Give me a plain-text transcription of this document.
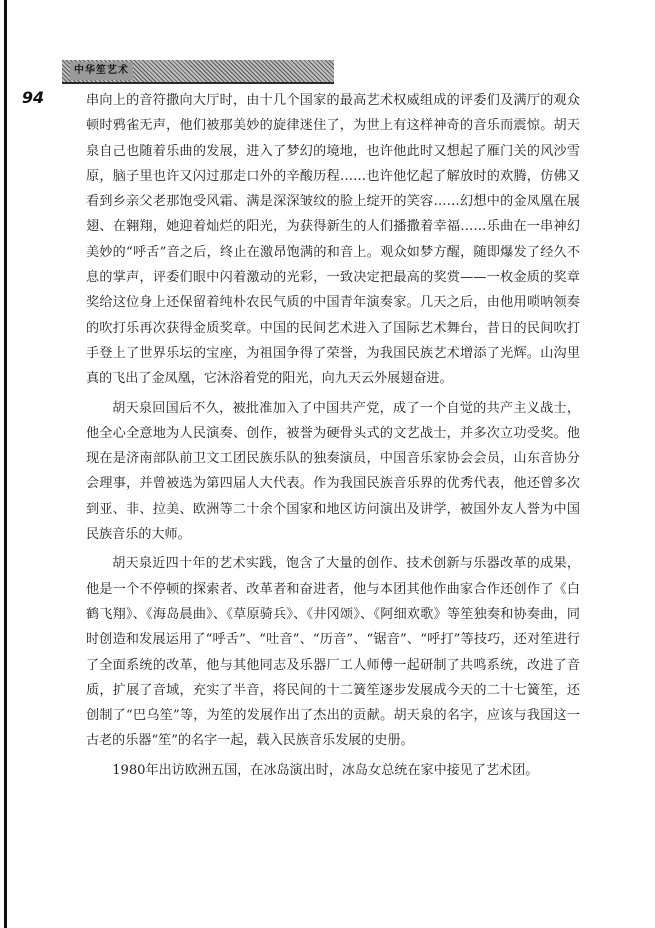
中华笙艺术
94	串向上的音符撒向大厅时，由十几个国家的最高艺术权威组成的评委们及满厅的观众顿时鸦雀无声，他们被那美妙的旋律迷住了，为世上有这样神奇的音乐而震惊。胡天泉自己也随着乐曲的发展，进入了梦幻的境地，也许他此时又想起了雁门关的风沙雪原，脑子里也许又闪过那走口外的辛酸历程……也许他忆起了解放时的欢腾，仿佛又看到乡亲父老那饱受风霜、满是深深皱纹的脸上绽开的笑容……幻想中的金凤凰在展翅、在翱翔，她迎着灿烂的阳光，为获得新生的人们播撒着幸福……乐曲在一串神幻美妙的“呼舌”音之后，终止在激昂饱满的和音上。观众如梦方醒，随即爆发了经久不息的掌声，评委们眼中闪着激动的光彩，一致决定把最高的奖赏——一枚金质的奖章奖给这位身上还保留着纯朴农民气质的中国青年演奏家。几天之后，由他用唢呐领奏的吹打乐再次获得金质奖章。中国的民间艺术进入了国际艺术舞台，昔日的民间吹打手登上了世界乐坛的宝座，为祖国争得了荣誉，为我国民族艺术增添了光辉。山沟里真的飞出了金凤凰，它沐浴着党的阳光，向九天云外展翅奋进。

胡天泉回国后不久，被批准加入了中国共产党，成了一个自觉的共产主义战士，他全心全意地为人民演奏、创作，被誉为硬骨头式的文艺战士，并多次立功受奖。他现在是济南部队前卫文工团民族乐队的独奏演员，中国音乐家协会会员，山东音协分会理事，并曾被选为第四届人大代表。作为我国民族音乐界的优秀代表，他还曾多次到亚、非、拉美、欧洲等二十余个国家和地区访问演出及讲学，被国外友人誉为中国民族音乐的大师。

胡天泉近四十年的艺术实践，饱含了大量的创作、技术创新与乐器改革的成果，他是一个不停顿的探索者、改革者和奋进者，他与本团其他作曲家合作还创作了《白鹤飞翔》、《海岛晨曲》、《草原骑兵》、《井冈颂》、《阿细欢歌》等笙独奏和协奏曲，同时创造和发展运用了“呼舌”、“吐音”、“历音”、“锯音”、“呼打”等技巧，还对笙进行了全面系统的改革，他与其他同志及乐器厂工人师傅一起研制了共鸣系统，改进了音质，扩展了音域，充实了半音，将民间的十二簧笙逐步发展成今天的二十七簧笙，还创制了“巴乌笙”等，为笙的发展作出了杰出的贡献。胡天泉的名字，应该与我国这一古老的乐器“笙”的名字一起，载入民族音乐发展的史册。

1980年出访欧洲五国，在冰岛演出时，冰岛女总统在家中接见了艺术团。
